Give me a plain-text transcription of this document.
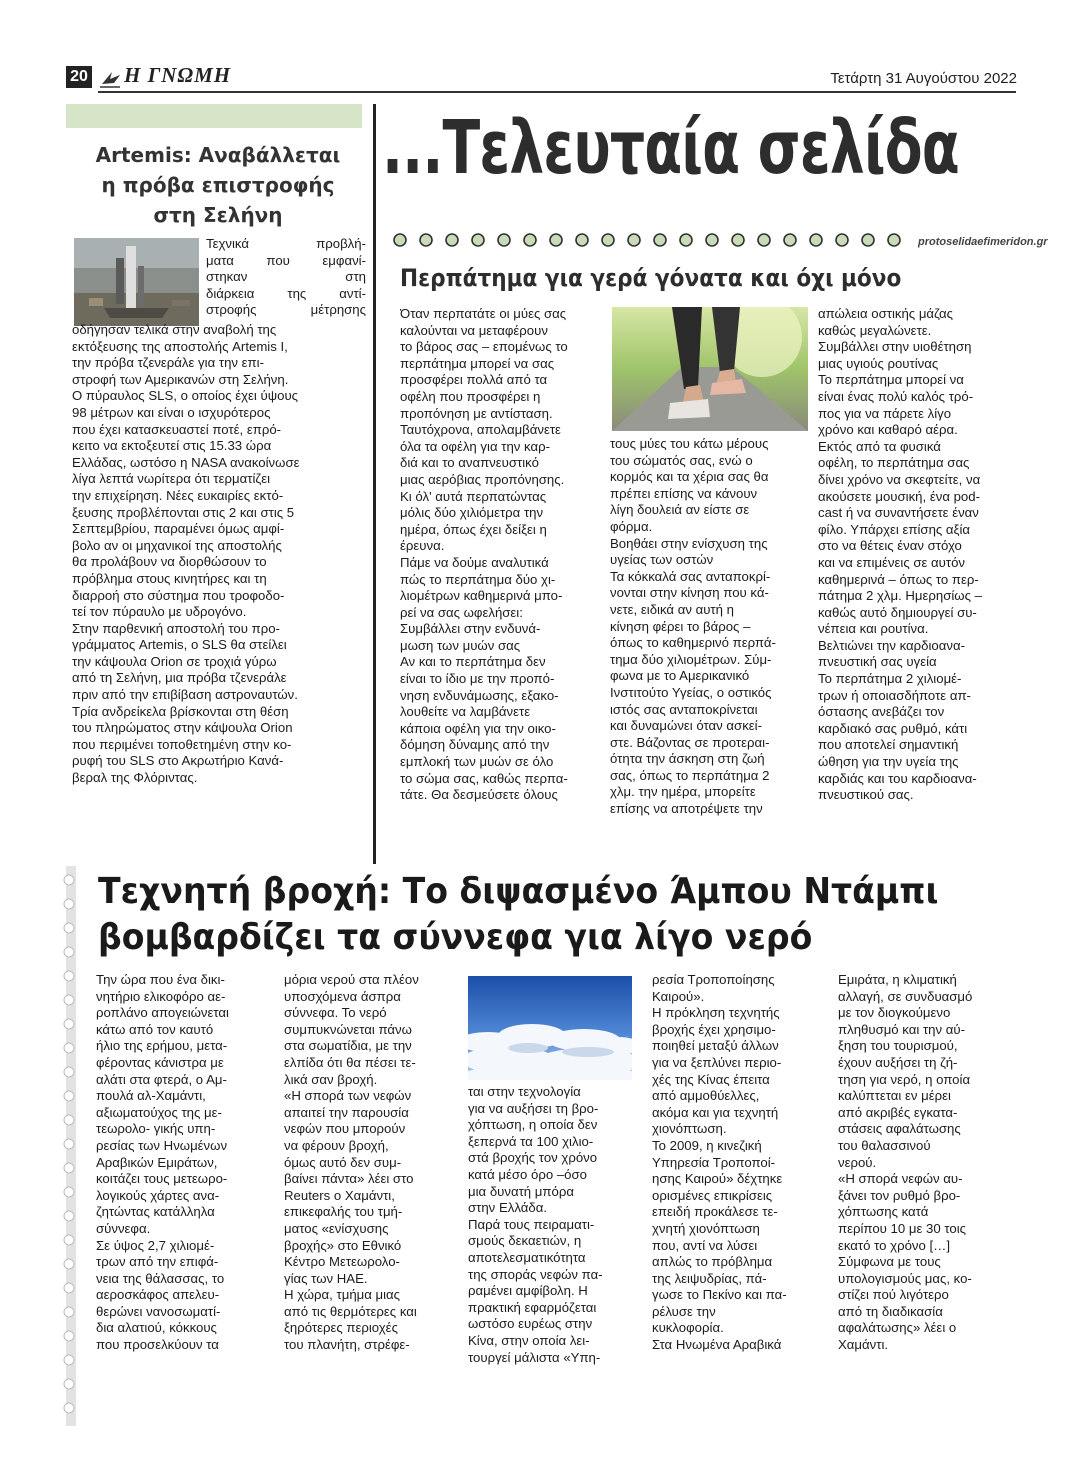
20 Η ΓΝΩΜΗ	Τετάρτη 31 Αυγούστου 2022
Artemis: Αναβάλλεται
η πρόβα επιστροφής
στη Σελήνη
Τεχνικά προβλή-
ματα που εμφανί-
στηκαν στη
διάρκεια της αντί-
στροφής μέτρησης
οδήγησαν τελικά στην αναβολή της
εκτόξευσης της αποστολής Artemis I,
την πρόβα τζενεράλε για την επι-
στροφή των Αμερικανών στη Σελήνη.
Ο πύραυλος SLS, ο οποίος έχει ύψους
98 μέτρων και είναι ο ισχυρότερος
που έχει κατασκευαστεί ποτέ, επρό-
κειτο να εκτοξευτεί στις 15.33 ώρα
Ελλάδας, ωστόσο η NASA ανακοίνωσε
λίγα λεπτά νωρίτερα ότι τερματίζει
την επιχείρηση. Νέες ευκαιρίες εκτό-
ξευσης προβλέπονται στις 2 και στις 5
Σεπτεμβρίου, παραμένει όμως αμφί-
βολο αν οι μηχανικοί της αποστολής
θα προλάβουν να διορθώσουν το
πρόβλημα στους κινητήρες και τη
διαρροή στο σύστημα που τροφοδο-
τεί τον πύραυλο με υδρογόνο.
Στην παρθενική αποστολή του προ-
γράμματος Artemis, ο SLS θα στείλει
την κάψουλα Orion σε τροχιά γύρω
από τη Σελήνη, μια πρόβα τζενεράλε
πριν από την επιβίβαση αστροναυτών.
Τρία ανδρείκελα βρίσκονται στη θέση
του πληρώματος στην κάψουλα Orion
που περιμένει τοποθετημένη στην κο-
ρυφή του SLS στο Ακρωτήριο Κανά-
βεραλ της Φλόριντας.
...Τελευταία σελίδα
protoselidaefimeridon.gr
Περπάτημα για γερά γόνατα και όχι μόνο
Όταν περπατάτε οι μύες σας
καλούνται να μεταφέρουν
το βάρος σας – επομένως το
περπάτημα μπορεί να σας
προσφέρει πολλά από τα
οφέλη που προσφέρει η
προπόνηση με αντίσταση.
Ταυτόχρονα, απολαμβάνετε
όλα τα οφέλη για την καρ-
διά και το αναπνευστικό
μιας αερόβιας προπόνησης.
Κι όλ' αυτά περπατώντας
μόλις δύο χιλιόμετρα την
ημέρα, όπως έχει δείξει η
έρευνα.
Πάμε να δούμε αναλυτικά
πώς το περπάτημα δύο χι-
λιομέτρων καθημερινά μπο-
ρεί να σας ωφελήσει:
Συμβάλλει στην ενδυνά-
μωση των μυών σας
Αν και το περπάτημα δεν
είναι το ίδιο με την προπό-
νηση ενδυνάμωσης, εξακο-
λουθείτε να λαμβάνετε
κάποια οφέλη για την οικο-
δόμηση δύναμης από την
εμπλοκή των μυών σε όλο
το σώμα σας, καθώς περπα-
τάτε. Θα δεσμεύσετε όλους
τους μύες του κάτω μέρους
του σώματός σας, ενώ ο
κορμός και τα χέρια σας θα
πρέπει επίσης να κάνουν
λίγη δουλειά αν είστε σε
φόρμα.
Βοηθάει στην ενίσχυση της
υγείας των οστών
Τα κόκκαλά σας ανταποκρί-
νονται στην κίνηση που κά-
νετε, ειδικά αν αυτή η
κίνηση φέρει το βάρος –
όπως το καθημερινό περπά-
τημα δύο χιλιομέτρων. Σύμ-
φωνα με το Αμερικανικό
Ινστιτούτο Υγείας, ο οστικός
ιστός σας ανταποκρίνεται
και δυναμώνει όταν ασκεί-
στε. Βάζοντας σε προτεραι-
ότητα την άσκηση στη ζωή
σας, όπως το περπάτημα 2
χλμ. την ημέρα, μπορείτε
επίσης να αποτρέψετε την
απώλεια οστικής μάζας
καθώς μεγαλώνετε.
Συμβάλλει στην υιοθέτηση
μιας υγιούς ρουτίνας
Το περπάτημα μπορεί να
είναι ένας πολύ καλός τρό-
πος για να πάρετε λίγο
χρόνο και καθαρό αέρα.
Εκτός από τα φυσικά
οφέλη, το περπάτημα σας
δίνει χρόνο να σκεφτείτε, να
ακούσετε μουσική, ένα pod-
cast ή να συναντήσετε έναν
φίλο. Υπάρχει επίσης αξία
στο να θέτεις έναν στόχο
και να επιμένεις σε αυτόν
καθημερινά – όπως το περ-
πάτημα 2 χλμ. Ημερησίως –
καθώς αυτό δημιουργεί συ-
νέπεια και ρουτίνα.
Βελτιώνει την καρδιοανα-
πνευστική σας υγεία
Το περπάτημα 2 χιλιομέ-
τρων ή οποιασδήποτε απ-
όστασης ανεβάζει τον
καρδιακό σας ρυθμό, κάτι
που αποτελεί σημαντική
ώθηση για την υγεία της
καρδιάς και του καρδιοανα-
πνευστικού σας.
Τεχνητή βροχή: Το διψασμένο Άμπου Ντάμπι
βομβαρδίζει τα σύννεφα για λίγο νερό
Την ώρα που ένα δικι-
νητήριο ελικοφόρο αε-
ροπλάνο απογειώνεται
κάτω από τον καυτό
ήλιο της ερήμου, μετα-
φέροντας κάνιστρα με
αλάτι στα φτερά, ο Αμ-
πουλά αλ-Χαμάντι,
αξιωματούχος της με-
τεωρολο- γικής υπη-
ρεσίας των Ηνωμένων
Αραβικών Εμιράτων,
κοιτάζει τους μετεωρο-
λογικούς χάρτες ανα-
ζητώντας κατάλληλα
σύννεφα.
Σε ύψος 2,7 χιλιομέ-
τρων από την επιφά-
νεια της θάλασσας, το
αεροσκάφος απελευ-
θερώνει νανοσωματί-
δια αλατιού, κόκκους
που προσελκύουν τα
μόρια νερού στα πλέον
υποσχόμενα άσπρα
σύννεφα. Το νερό
συμπυκνώνεται πάνω
στα σωματίδια, με την
ελπίδα ότι θα πέσει τε-
λικά σαν βροχή.
«Η σπορά των νεφών
απαιτεί την παρουσία
νεφών που μπορούν
να φέρουν βροχή,
όμως αυτό δεν συμ-
βαίνει πάντα» λέει στο
Reuters ο Χαμάντι,
επικεφαλής του τμή-
ματος «ενίσχυσης
βροχής» στο Εθνικό
Κέντρο Μετεωρολο-
γίας των ΗΑΕ.
Η χώρα, τμήμα μιας
από τις θερμότερες και
ξηρότερες περιοχές
του πλανήτη, στρέφε-
ται στην τεχνολογία
για να αυξήσει τη βρο-
χόπτωση, η οποία δεν
ξεπερνά τα 100 χιλιο-
στά βροχής τον χρόνο
κατά μέσο όρο –όσο
μια δυνατή μπόρα
στην Ελλάδα.
Παρά τους πειραματι-
σμούς δεκαετιών, η
αποτελεσματικότητα
της σποράς νεφών πα-
ραμένει αμφίβολη. Η
πρακτική εφαρμόζεται
ωστόσο ευρέως στην
Κίνα, στην οποία λει-
τουργεί μάλιστα «Υπη-
ρεσία Τροποποίησης
Καιρού».
Η πρόκληση τεχνητής
βροχής έχει χρησιμο-
ποιηθεί μεταξύ άλλων
για να ξεπλύνει περιο-
χές της Κίνας έπειτα
από αμμοθύελλες,
ακόμα και για τεχνητή
χιονόπτωση.
Το 2009, η κινεζική
Υπηρεσία Τροποποί-
ησης Καιρού» δέχτηκε
ορισμένες επικρίσεις
επειδή προκάλεσε τε-
χνητή χιονόπτωση
που, αντί να λύσει
απλώς το πρόβλημα
της λειψυδρίας, πά-
γωσε το Πεκίνο και πα-
ρέλυσε την
κυκλοφορία.
Στα Ηνωμένα Αραβικά
Εμιράτα, η κλιματική
αλλαγή, σε συνδυασμό
με τον διογκούμενο
πληθυσμό και την αύ-
ξηση του τουρισμού,
έχουν αυξήσει τη ζή-
τηση για νερό, η οποία
καλύπτεται εν μέρει
από ακριβές εγκατα-
στάσεις αφαλάτωσης
του θαλασσινού
νερού.
«Η σπορά νεφών αυ-
ξάνει τον ρυθμό βρο-
χόπτωσης κατά
περίπου 10 με 30 τοις
εκατό το χρόνο […]
Σύμφωνα με τους
υπολογισμούς μας, κο-
στίζει πού λιγότερο
από τη διαδικασία
αφαλάτωσης» λέει ο
Χαμάντι.
